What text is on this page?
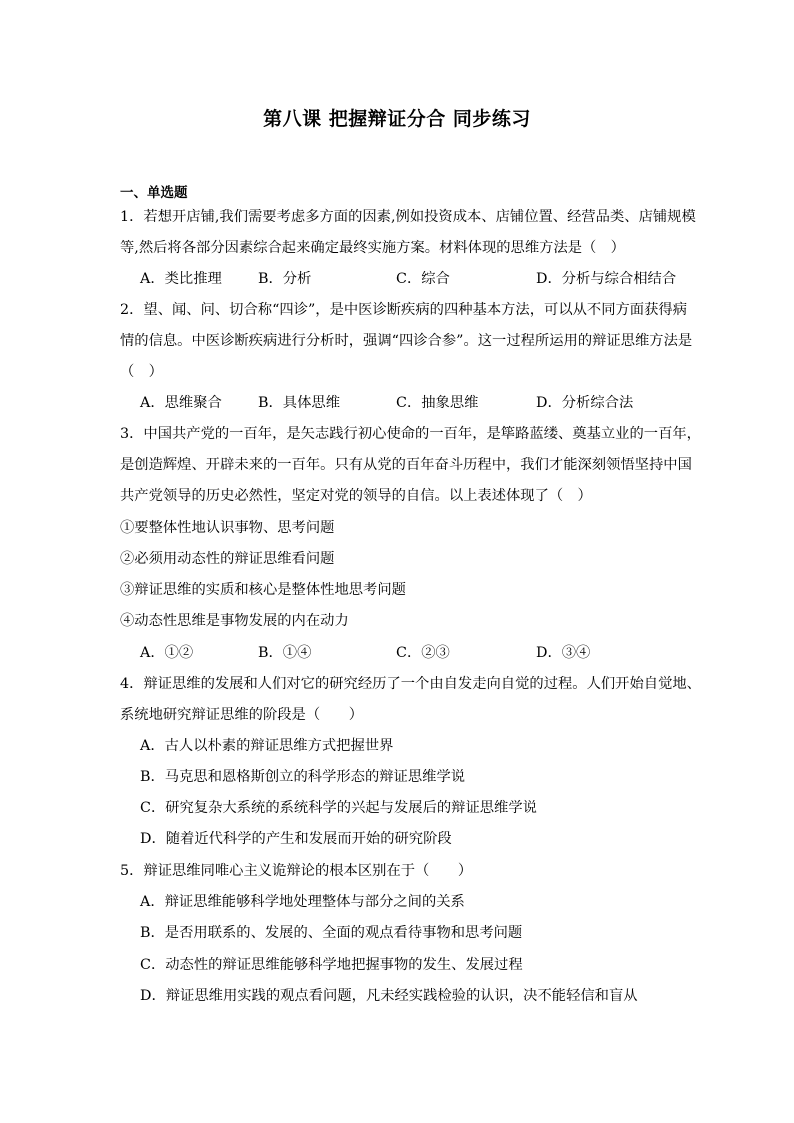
第八课 把握辩证分合 同步练习
一、单选题
1．若想开店铺,我们需要考虑多方面的因素,例如投资成本、店铺位置、经营品类、店铺规模
等,然后将各部分因素综合起来确定最终实施方案。材料体现的思维方法是（　）
A．类比推理	B．分析	C．综合	D．分析与综合相结合
2．望、闻、问、切合称“四诊”，是中医诊断疾病的四种基本方法，可以从不同方面获得病
情的信息。中医诊断疾病进行分析时，强调“四诊合参”。这一过程所运用的辩证思维方法是
（　）
A．思维聚合	B．具体思维	C．抽象思维	D．分析综合法
3．中国共产党的一百年，是矢志践行初心使命的一百年，是筚路蓝缕、奠基立业的一百年，
是创造辉煌、开辟未来的一百年。只有从党的百年奋斗历程中，我们才能深刻领悟坚持中国
共产党领导的历史必然性，坚定对党的领导的自信。以上表述体现了（　）
①要整体性地认识事物、思考问题
②必须用动态性的辩证思维看问题
③辩证思维的实质和核心是整体性地思考问题
④动态性思维是事物发展的内在动力
A．①②	B．①④	C．②③	D．③④
4．辩证思维的发展和人们对它的研究经历了一个由自发走向自觉的过程。人们开始自觉地、
系统地研究辩证思维的阶段是（　　）
A．古人以朴素的辩证思维方式把握世界
B．马克思和恩格斯创立的科学形态的辩证思维学说
C．研究复杂大系统的系统科学的兴起与发展后的辩证思维学说
D．随着近代科学的产生和发展而开始的研究阶段
5．辩证思维同唯心主义诡辩论的根本区别在于（　　）
A．辩证思维能够科学地处理整体与部分之间的关系
B．是否用联系的、发展的、全面的观点看待事物和思考问题
C．动态性的辩证思维能够科学地把握事物的发生、发展过程
D．辩证思维用实践的观点看问题，凡未经实践检验的认识，决不能轻信和盲从
